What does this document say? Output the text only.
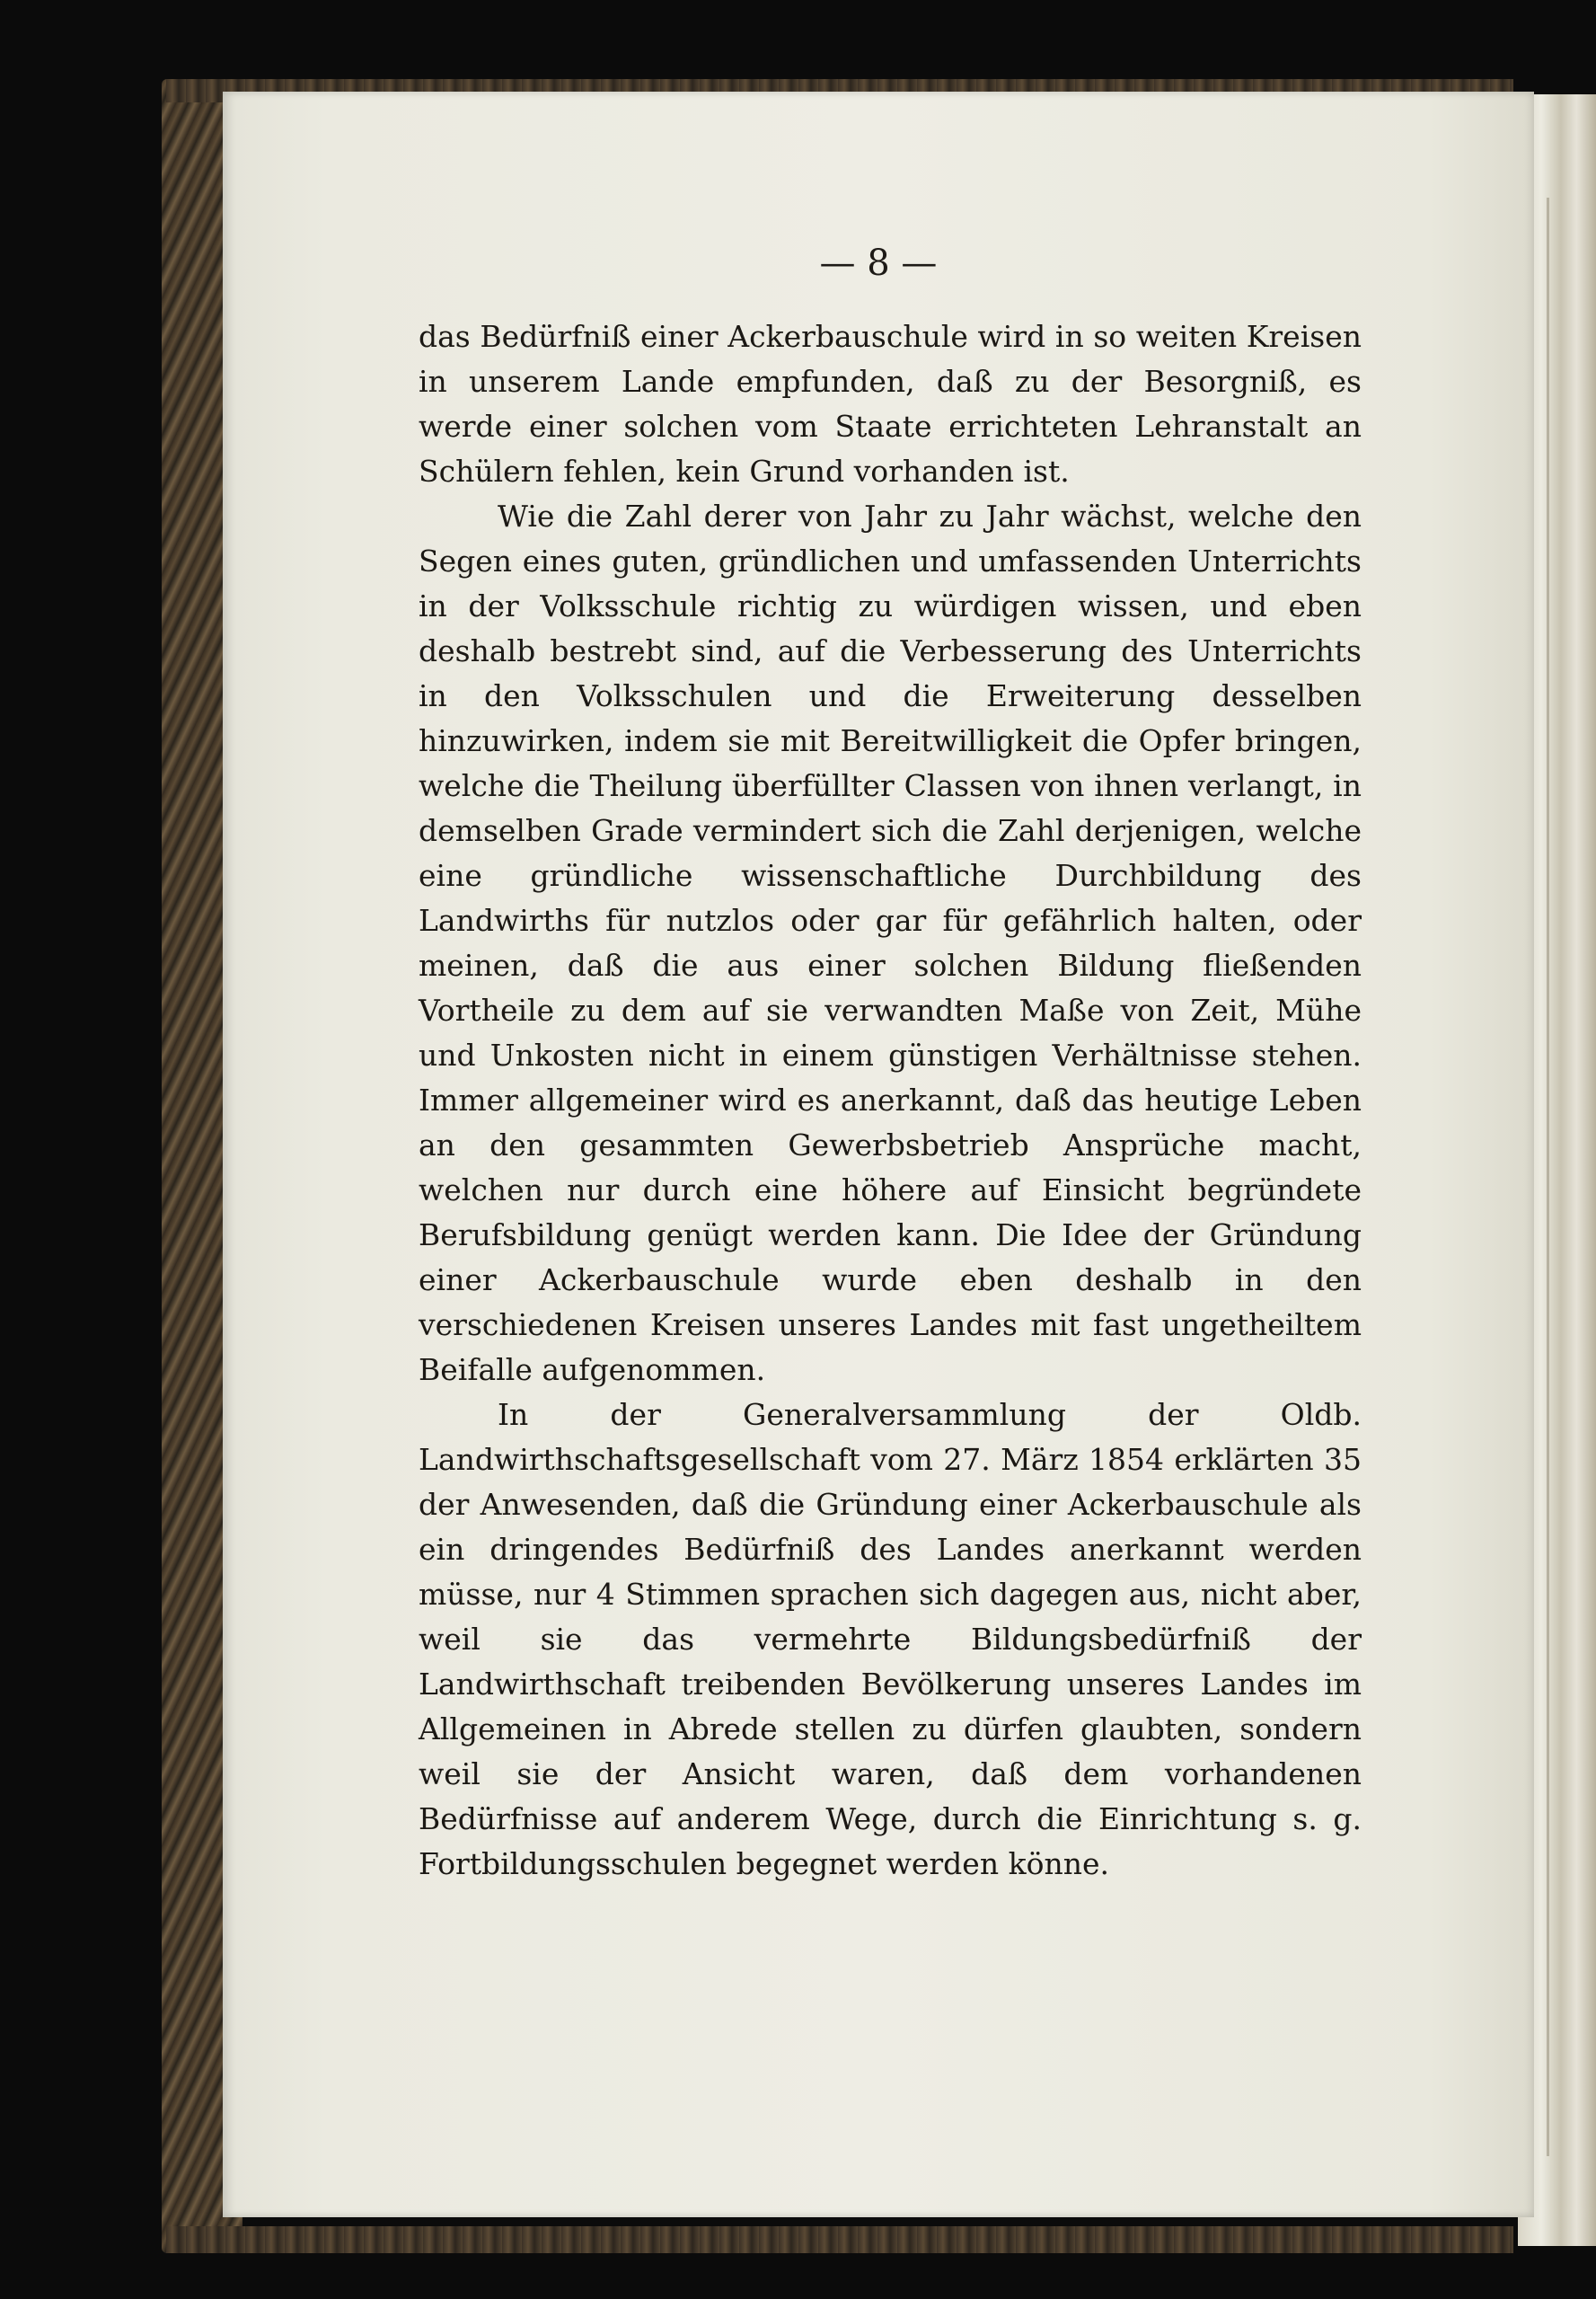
— 8 —

das Bedürfniß einer Ackerbauschule wird in so weiten Kreisen in unserem Lande empfunden, daß zu der Besorgniß, es werde einer solchen vom Staate errichteten Lehranstalt an Schülern fehlen, kein Grund vorhanden ist.

Wie die Zahl derer von Jahr zu Jahr wächst, welche den Segen eines guten, gründlichen und umfassenden Unterrichts in der Volksschule richtig zu würdigen wissen, und eben deshalb bestrebt sind, auf die Verbesserung des Unterrichts in den Volksschulen und die Erweiterung desselben hinzuwirken, indem sie mit Bereitwilligkeit die Opfer bringen, welche die Theilung überfüllter Classen von ihnen verlangt, in demselben Grade vermindert sich die Zahl derjenigen, welche eine gründliche wissenschaftliche Durchbildung des Landwirths für nutzlos oder gar für gefährlich halten, oder meinen, daß die aus einer solchen Bildung fließenden Vortheile zu dem auf sie verwandten Maße von Zeit, Mühe und Unkosten nicht in einem günstigen Verhältnisse stehen. Immer allgemeiner wird es anerkannt, daß das heutige Leben an den gesammten Gewerbsbetrieb Ansprüche macht, welchen nur durch eine höhere auf Einsicht begründete Berufsbildung genügt werden kann. Die Idee der Gründung einer Ackerbauschule wurde eben deshalb in den verschiedenen Kreisen unseres Landes mit fast ungetheiltem Beifalle aufgenommen.

In der Generalversammlung der Oldb. Landwirthschaftsgesellschaft vom 27. März 1854 erklärten 35 der Anwesenden, daß die Gründung einer Ackerbauschule als ein dringendes Bedürfniß des Landes anerkannt werden müsse, nur 4 Stimmen sprachen sich dagegen aus, nicht aber, weil sie das vermehrte Bildungsbedürfniß der Landwirthschaft treibenden Bevölkerung unseres Landes im Allgemeinen in Abrede stellen zu dürfen glaubten, sondern weil sie der Ansicht waren, daß dem vorhandenen Bedürfnisse auf anderem Wege, durch die Einrichtung s. g. Fortbildungsschulen begegnet werden könne.
